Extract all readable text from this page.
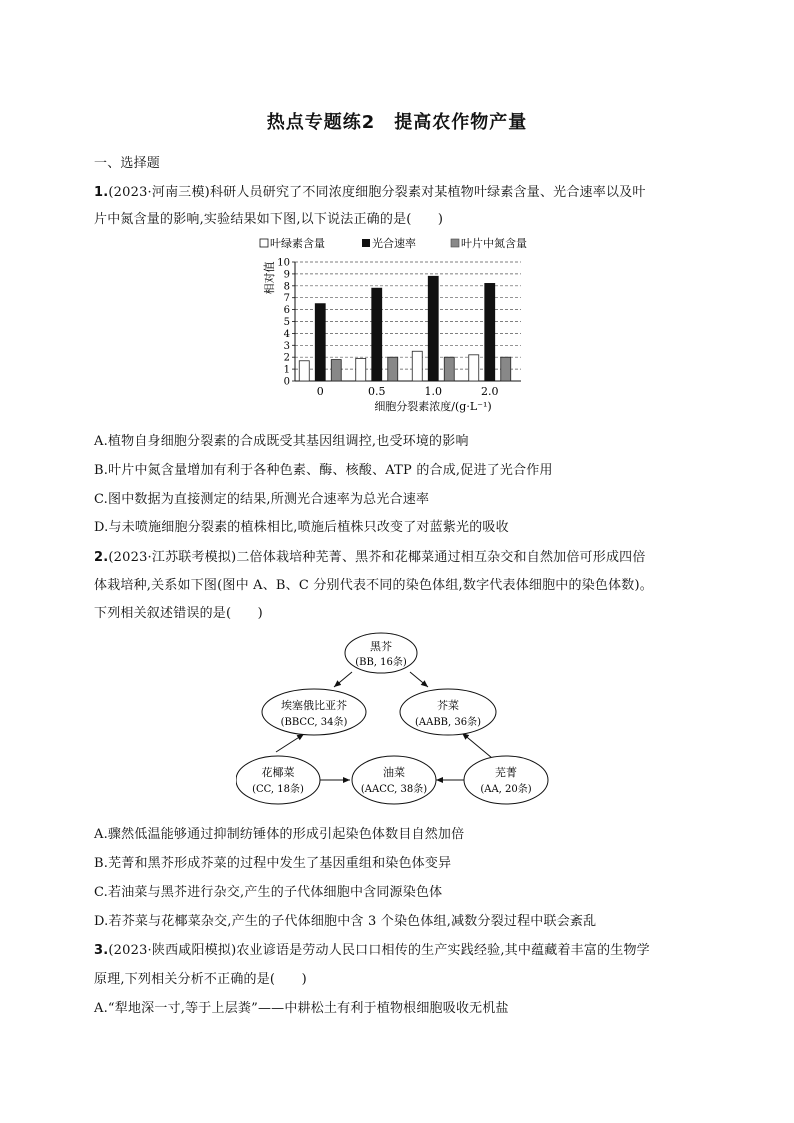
热点专题练2　提高农作物产量
一、选择题
1.(2023·河南三模)科研人员研究了不同浓度细胞分裂素对某植物叶绿素含量、光合速率以及叶
片中氮含量的影响,实验结果如下图,以下说法正确的是(　　)
叶绿素含量	光合速率	叶片中氮含量
0
1
2
3
4
5
6
7
8
9
10
相对值
0	0.5	1.0	2.0
细胞分裂素浓度/(g·L⁻¹)
A.植物自身细胞分裂素的合成既受其基因组调控,也受环境的影响
B.叶片中氮含量增加有利于各种色素、酶、核酸、ATP 的合成,促进了光合作用
C.图中数据为直接测定的结果,所测光合速率为总光合速率
D.与未喷施细胞分裂素的植株相比,喷施后植株只改变了对蓝紫光的吸收
2.(2023·江苏联考模拟)二倍体栽培种芜菁、黑芥和花椰菜通过相互杂交和自然加倍可形成四倍
体栽培种,关系如下图(图中 A、B、C 分别代表不同的染色体组,数字代表体细胞中的染色体数)。
下列相关叙述错误的是(　　)
黑芥
(BB, 16条)
埃塞俄比亚芥
(BBCC, 34条)
芥菜
(AABB, 36条)
花椰菜
(CC, 18条)
油菜
(AACC, 38条)
芜菁
(AA, 20条)
A.骤然低温能够通过抑制纺锤体的形成引起染色体数目自然加倍
B.芜菁和黑芥形成芥菜的过程中发生了基因重组和染色体变异
C.若油菜与黑芥进行杂交,产生的子代体细胞中含同源染色体
D.若芥菜与花椰菜杂交,产生的子代体细胞中含 3 个染色体组,减数分裂过程中联会紊乱
3.(2023·陕西咸阳模拟)农业谚语是劳动人民口口相传的生产实践经验,其中蕴藏着丰富的生物学
原理,下列相关分析不正确的是(　　)
A.“犁地深一寸,等于上层粪”——中耕松土有利于植物根细胞吸收无机盐
